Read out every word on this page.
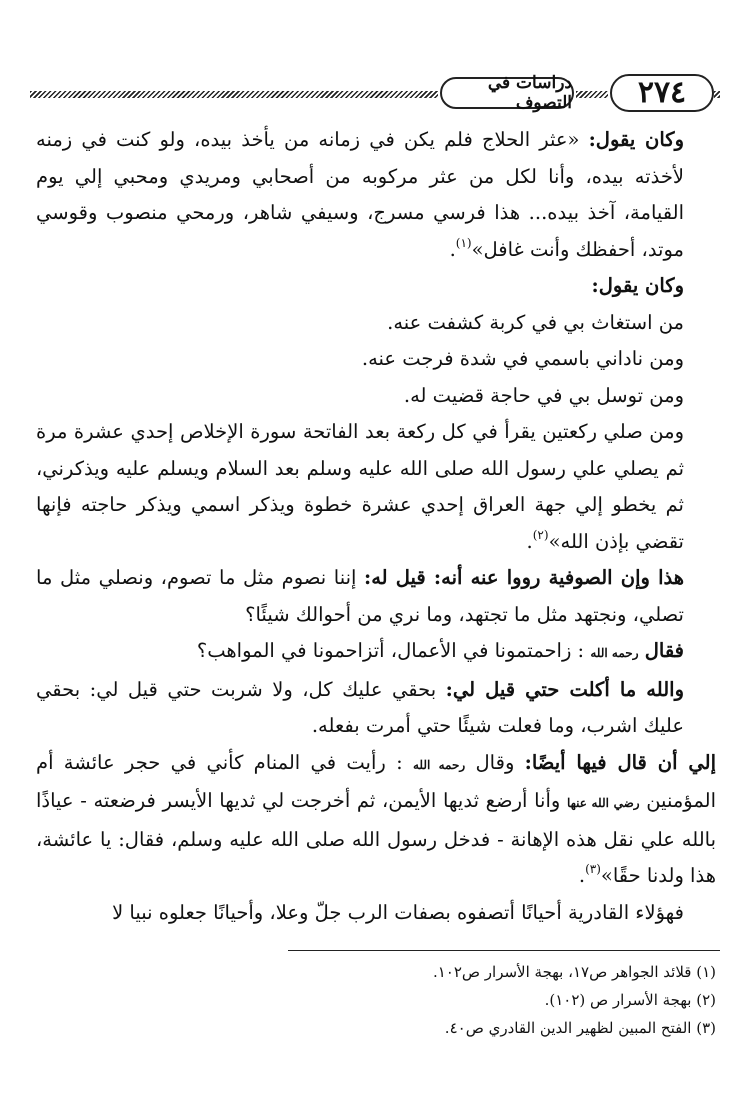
٢٧٤
دراسات في التصوف

وكان يقول: «عثر الحلاج فلم يكن في زمانه من يأخذ بيده، ولو كنت في زمنه لأخذته بيده، وأنا لكل من عثر مركوبه من أصحابي ومريدي ومحبي إلي يوم القيامة، آخذ بيده... هذا فرسي مسرج، وسيفي شاهر، ورمحي منصوب وقوسي موتد، أحفظك وأنت غافل»$^{(١)}$.

وكان يقول:

من استغاث بي في كربة كشفت عنه.

ومن ناداني باسمي في شدة فرجت عنه.

ومن توسل بي في حاجة قضيت له.

ومن صلي ركعتين يقرأ في كل ركعة بعد الفاتحة سورة الإخلاص إحدي عشرة مرة ثم يصلي علي رسول الله صلى الله عليه وسلم بعد السلام ويسلم عليه ويذكرني، ثم يخطو إلي جهة العراق إحدي عشرة خطوة ويذكر اسمي ويذكر حاجته فإنها تقضي بإذن الله»$^{(٢)}$.

هذا وإن الصوفية رووا عنه أنه: قيل له: إننا نصوم مثل ما تصوم، ونصلي مثل ما تصلي، ونجتهد مثل ما تجتهد، وما نري من أحوالك شيئًا؟

فقال رحمه الله : زاحمتمونا في الأعمال، أتزاحمونا في المواهب؟

والله ما أكلت حتي قيل لي: بحقي عليك كل، ولا شربت حتي قيل لي: بحقي عليك اشرب، وما فعلت شيئًا حتي أمرت بفعله.

إلي أن قال فيها أيضًا: وقال رحمه الله : رأيت في المنام كأني في حجر عائشة أم المؤمنين رضي الله عنها وأنا أرضع ثديها الأيمن، ثم أخرجت لي ثديها الأيسر فرضعته - عياذًا بالله علي نقل هذه الإهانة - فدخل رسول الله صلى الله عليه وسلم، فقال: يا عائشة، هذا ولدنا حقًا»$^{(٣)}$.

فهؤلاء القادرية أحيانًا أتصفوه بصفات الرب جلّ وعلا، وأحيانًا جعلوه نبيا لا

(١) قلائد الجواهر ص١٧، بهجة الأسرار ص١٠٢.

(٢) بهجة الأسرار ص (١٠٢).

(٣) الفتح المبين لظهير الدين القادري ص٤٠.
